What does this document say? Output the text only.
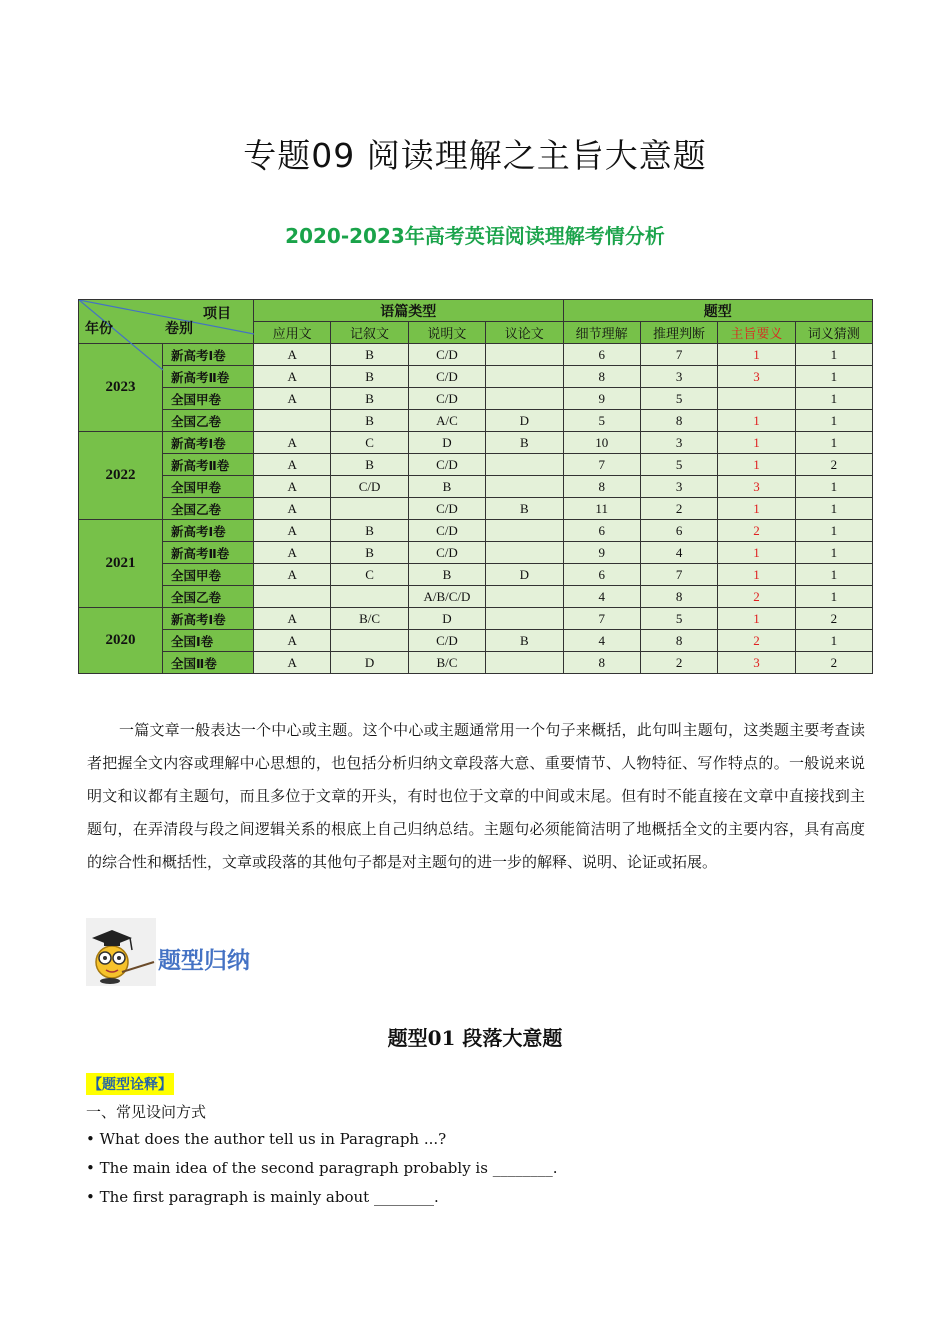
专题09 阅读理解之主旨大意题
2020-2023年高考英语阅读理解考情分析
项目
年份 卷别		语篇类型				题型			
		应用文	记叙文	说明文	议论文	细节理解	推理判断	主旨要义	词义猜测
2023	新高考Ⅰ卷	A	B	C/D		6	7	1	1
	新高考Ⅱ卷	A	B	C/D		8	3	3	1
	全国甲卷	A	B	C/D		9	5		1
	全国乙卷		B	A/C	D	5	8	1	1
2022	新高考Ⅰ卷	A	C	D	B	10	3	1	1
	新高考Ⅱ卷	A	B	C/D		7	5	1	2
	全国甲卷	A	C/D	B		8	3	3	1
	全国乙卷	A		C/D	B	11	2	1	1
2021	新高考Ⅰ卷	A	B	C/D		6	6	2	1
	新高考Ⅱ卷	A	B	C/D		9	4	1	1
	全国甲卷	A	C	B	D	6	7	1	1
	全国乙卷			A/B/C/D		4	8	2	1
2020	新高考Ⅰ卷	A	B/C	D		7	5	1	2
	全国Ⅰ卷	A		C/D	B	4	8	2	1
	全国Ⅱ卷	A	D	B/C		8	2	3	2
一篇文章一般表达一个中心或主题。这个中心或主题通常用一个句子来概括，此句叫主题句，这类题主要考查读者把握全文内容或理解中心思想的，也包括分析归纳文章段落大意、重要情节、人物特征、写作特点的。一般说来说明文和议都有主题句，而且多位于文章的开头，有时也位于文章的中间或末尾。但有时不能直接在文章中直接找到主题句，在弄清段与段之间逻辑关系的根底上自己归纳总结。主题句必须能简洁明了地概括全文的主要内容，具有高度的综合性和概括性，文章或段落的其他句子都是对主题句的进一步的解释、说明、论证或拓展。
题型归纳
题型01 段落大意题
【题型诠释】
一、常见设问方式
• What does the author tell us in Paragraph ...?
• The main idea of the second paragraph probably is ________.
• The first paragraph is mainly about ________.
